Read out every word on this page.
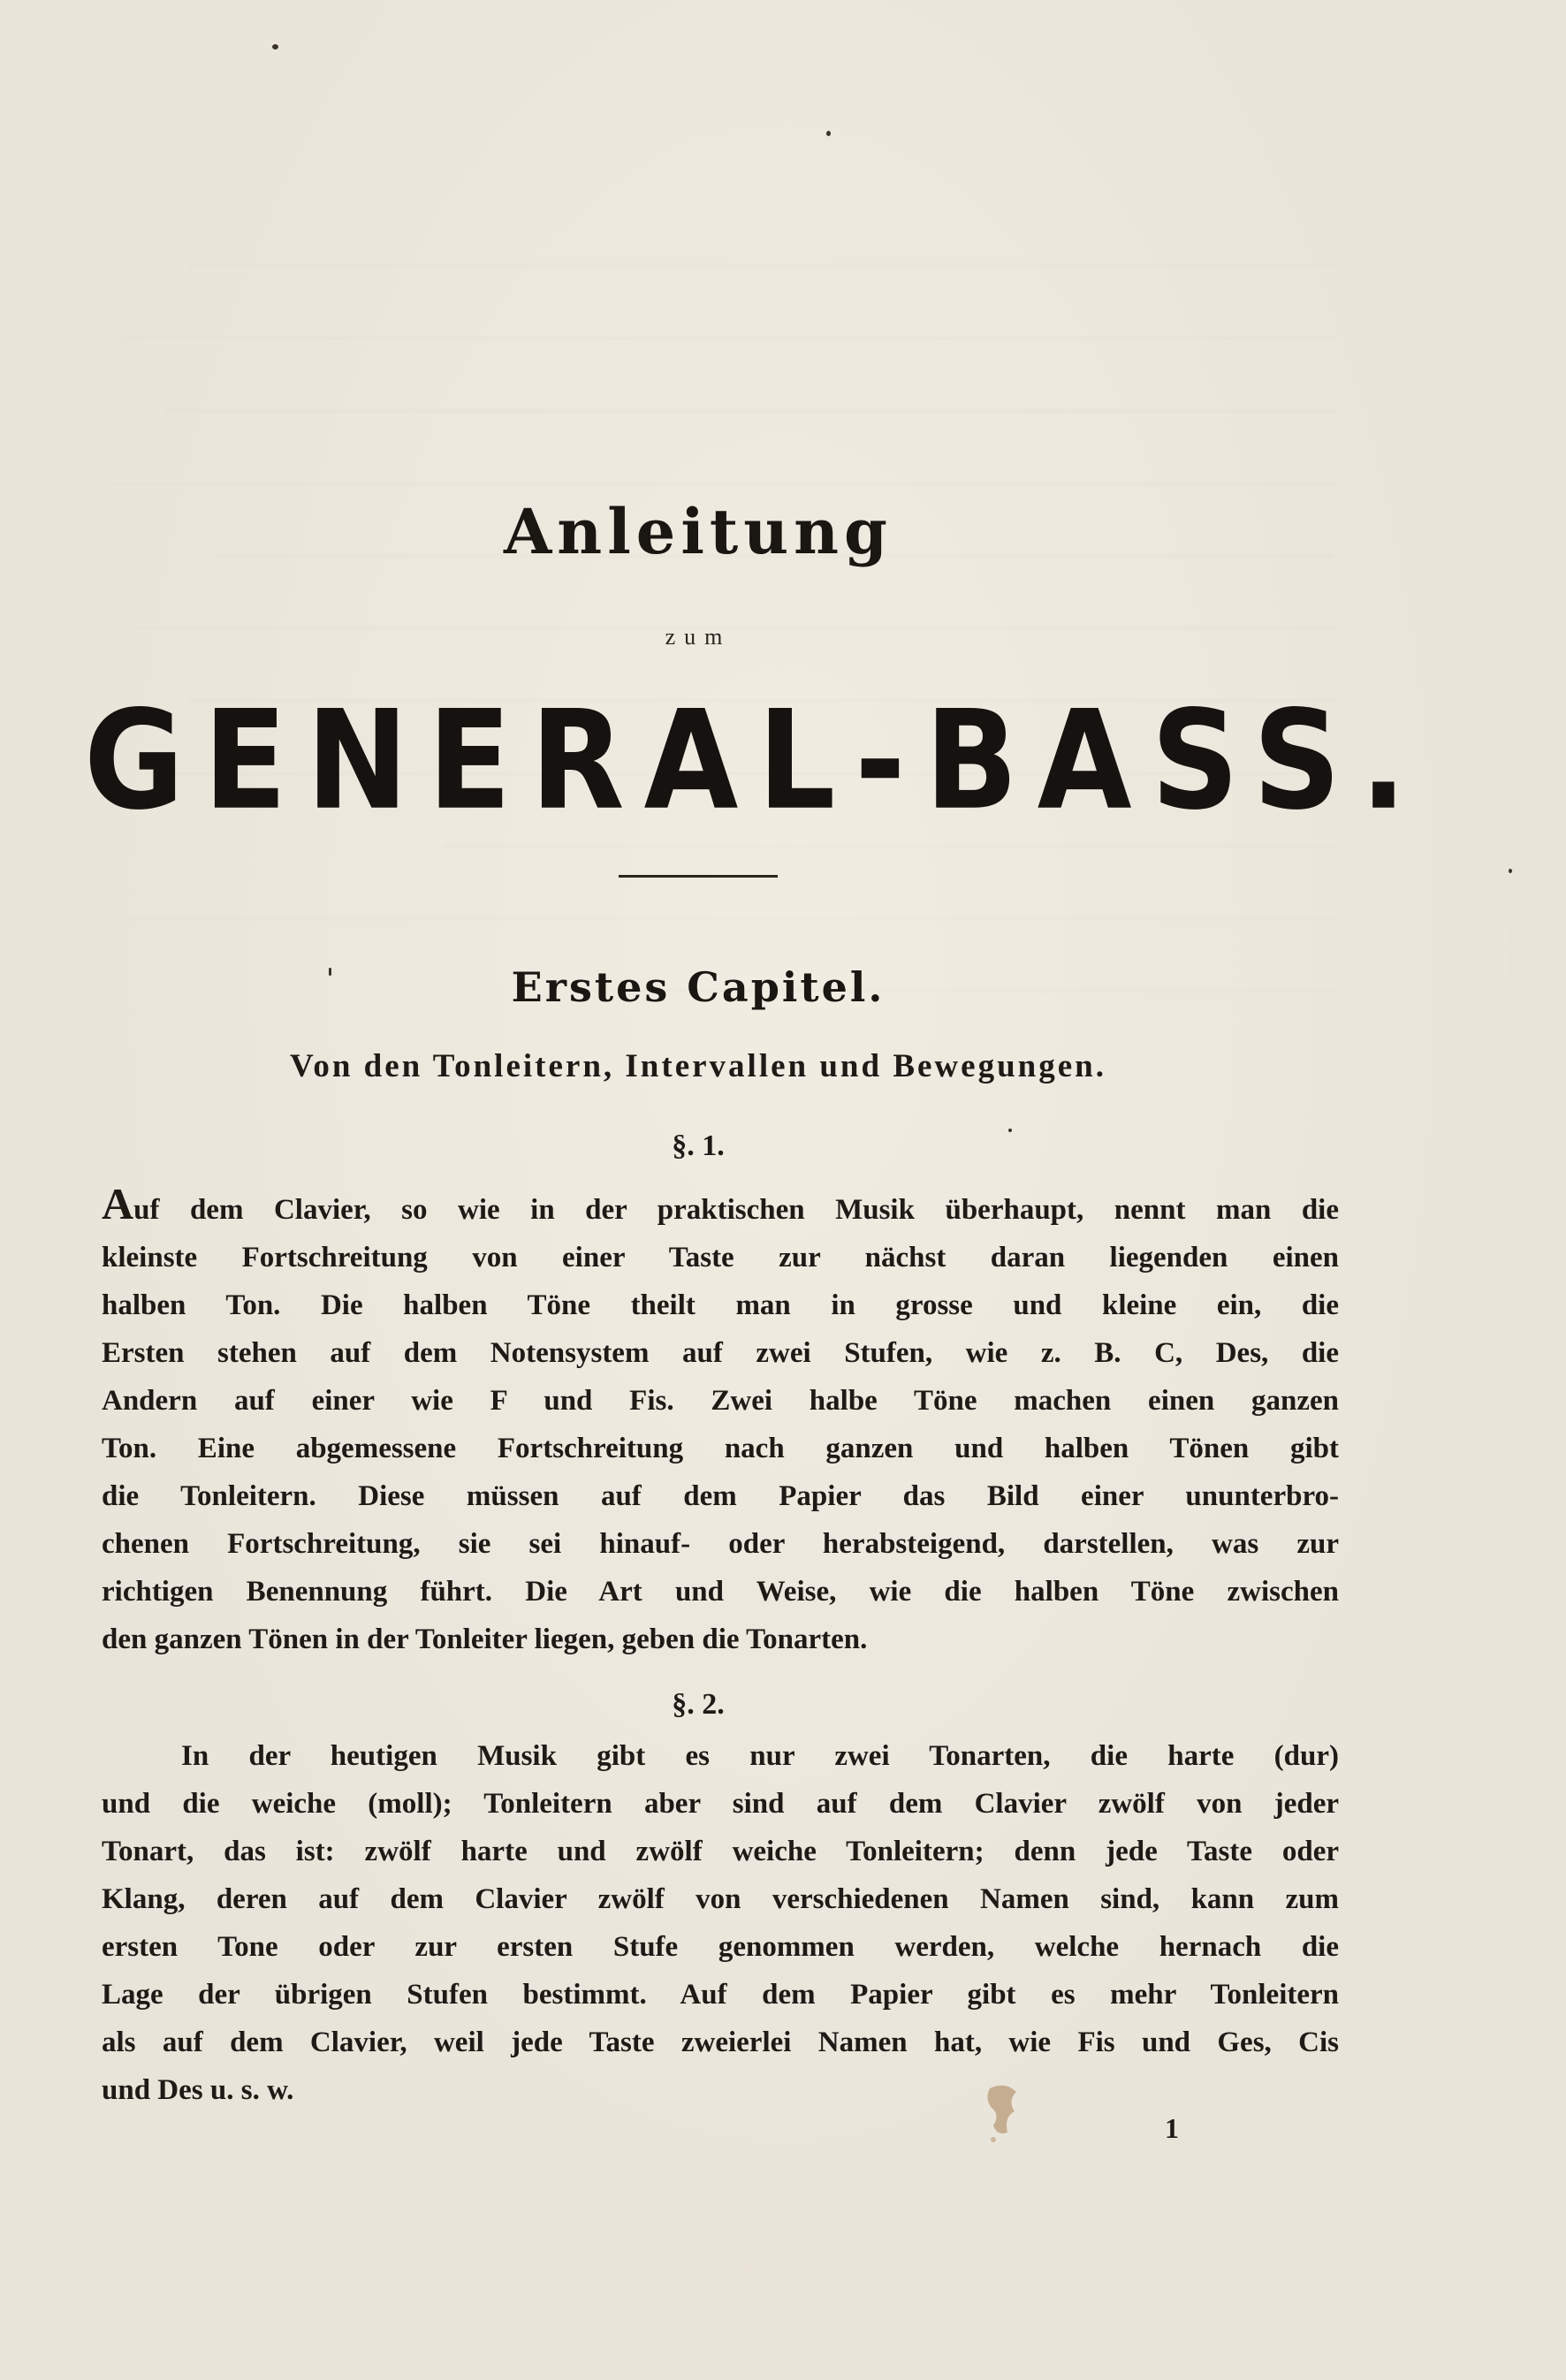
Anleitung
zum
GENERAL-BASS.
Erstes Capitel.
Von den Tonleitern, Intervallen und Bewegungen.
§. 1.
Auf dem Clavier, so wie in der praktischen Musik überhaupt, nennt man die
kleinste Fortschreitung von einer Taste zur nächst daran liegenden einen
halben Ton. Die halben Töne theilt man in grosse und kleine ein, die
Ersten stehen auf dem Notensystem auf zwei Stufen, wie z. B. C, Des, die
Andern auf einer wie F und Fis. Zwei halbe Töne machen einen ganzen
Ton. Eine abgemessene Fortschreitung nach ganzen und halben Tönen gibt
die Tonleitern. Diese müssen auf dem Papier das Bild einer ununterbro-
chenen Fortschreitung, sie sei hinauf- oder herabsteigend, darstellen, was zur
richtigen Benennung führt. Die Art und Weise, wie die halben Töne zwischen
den ganzen Tönen in der Tonleiter liegen, geben die Tonarten.
§. 2.
In der heutigen Musik gibt es nur zwei Tonarten, die harte (dur)
und die weiche (moll); Tonleitern aber sind auf dem Clavier zwölf von jeder
Tonart, das ist: zwölf harte und zwölf weiche Tonleitern; denn jede Taste oder
Klang, deren auf dem Clavier zwölf von verschiedenen Namen sind, kann zum
ersten Tone oder zur ersten Stufe genommen werden, welche hernach die
Lage der übrigen Stufen bestimmt. Auf dem Papier gibt es mehr Tonleitern
als auf dem Clavier, weil jede Taste zweierlei Namen hat, wie Fis und Ges, Cis
und Des u. s. w.
1
